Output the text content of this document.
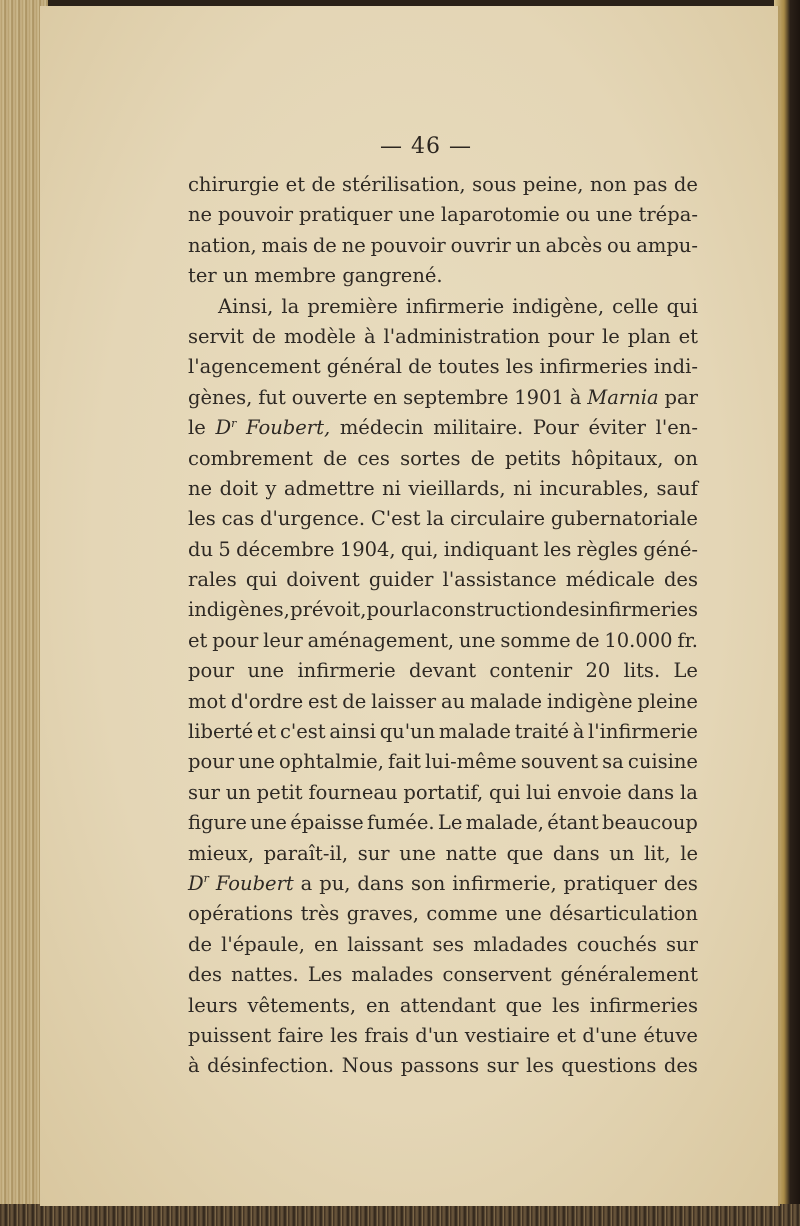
— 46 —
chirurgie et de stérilisation, sous peine, non pas de
ne pouvoir pratiquer une laparotomie ou une trépa-
nation, mais de ne pouvoir ouvrir un abcès ou ampu-
ter
un
membre
gangrené.
Ainsi, la première infirmerie indigène, celle qui
servit de modèle à l'administration pour le plan et
l'agencement général de toutes les infirmeries indi-
gènes, fut ouverte en septembre 1901 à Marnia par
le Dr Foubert, médecin militaire. Pour éviter l'en-
combrement de ces sortes de petits hôpitaux, on
ne doit y admettre ni vieillards, ni incurables, sauf
les cas d'urgence. C'est la circulaire gubernatoriale
du 5 décembre 1904, qui, indiquant les règles géné-
rales qui doivent guider l'assistance médicale des
indigènes, prévoit,pour la construction des infirmeries
et pour leur aménagement, une somme de 10.000 fr.
pour une infirmerie devant contenir 20 lits. Le
mot d'ordre est de laisser au malade indigène pleine
liberté et c'est ainsi qu'un malade traité à l'infirmerie
pour une ophtalmie, fait lui-même souvent sa cuisine
sur un petit fourneau portatif, qui lui envoie dans la
figure une épaisse fumée. Le malade, étant beaucoup
mieux, paraît-il, sur une natte que dans un lit, le
Dr Foubert a pu, dans son infirmerie, pratiquer des
opérations très graves, comme une désarticulation
de l'épaule, en laissant ses mladades couchés sur
des nattes. Les malades conservent généralement
leurs vêtements, en attendant que les infirmeries
puissent faire les frais d'un vestiaire et d'une étuve
à désinfection. Nous passons sur les questions des
